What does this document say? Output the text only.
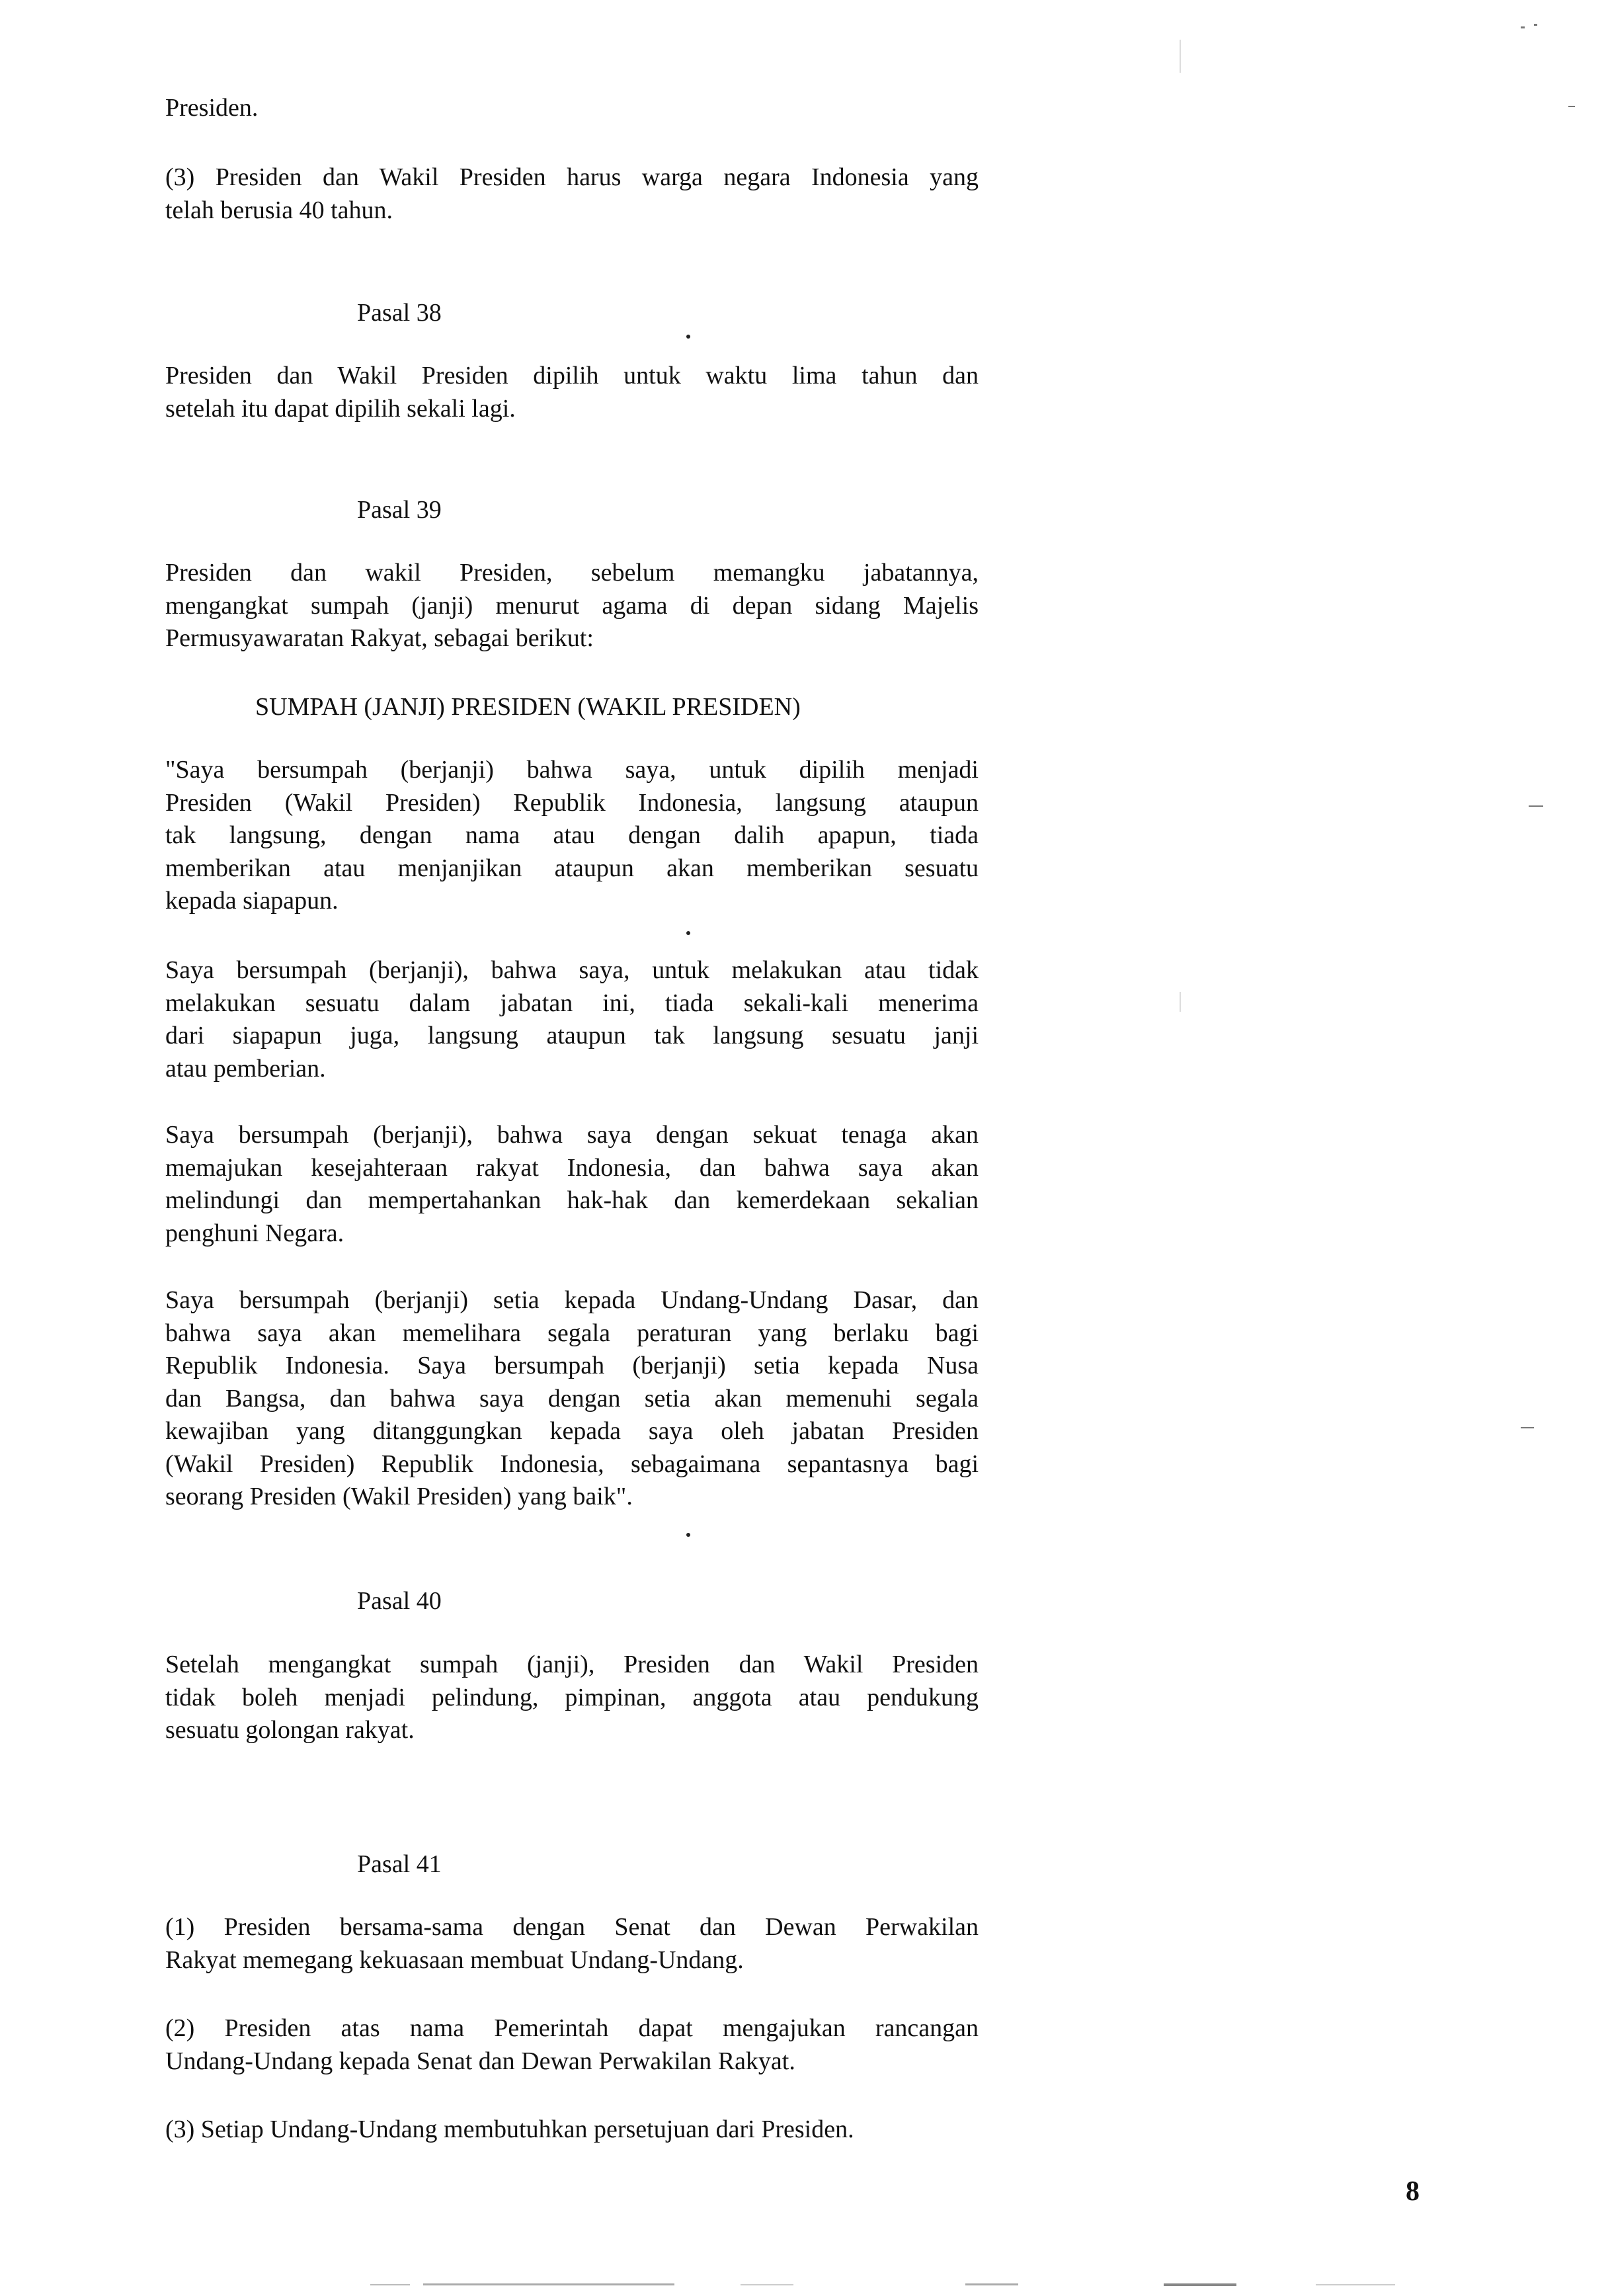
Presiden.

(3) Presiden dan Wakil Presiden harus warga negara Indonesia yang
telah berusia 40 tahun.

Pasal 38

Presiden dan Wakil Presiden dipilih untuk waktu lima tahun dan
setelah itu dapat dipilih sekali lagi.

Pasal 39

Presiden dan wakil Presiden, sebelum memangku jabatannya,
mengangkat sumpah (janji) menurut agama di depan sidang Majelis
Permusyawaratan Rakyat, sebagai berikut:

SUMPAH (JANJI) PRESIDEN (WAKIL PRESIDEN)

"Saya bersumpah (berjanji) bahwa saya, untuk dipilih menjadi
Presiden (Wakil Presiden) Republik Indonesia, langsung ataupun
tak langsung, dengan nama atau dengan dalih apapun, tiada
memberikan atau menjanjikan ataupun akan memberikan sesuatu
kepada siapapun.
Saya bersumpah (berjanji), bahwa saya, untuk melakukan atau tidak
melakukan sesuatu dalam jabatan ini, tiada sekali-kali menerima
dari siapapun juga, langsung ataupun tak langsung sesuatu janji
atau pemberian.
Saya bersumpah (berjanji), bahwa saya dengan sekuat tenaga akan
memajukan kesejahteraan rakyat Indonesia, dan bahwa saya akan
melindungi dan mempertahankan hak-hak dan kemerdekaan sekalian
penghuni Negara.
Saya bersumpah (berjanji) setia kepada Undang-Undang Dasar, dan
bahwa saya akan memelihara segala peraturan yang berlaku bagi
Republik Indonesia. Saya bersumpah (berjanji) setia kepada Nusa
dan Bangsa, dan bahwa saya dengan setia akan memenuhi segala
kewajiban yang ditanggungkan kepada saya oleh jabatan Presiden
(Wakil Presiden) Republik Indonesia, sebagaimana sepantasnya bagi
seorang Presiden (Wakil Presiden) yang baik".

Pasal 40

Setelah mengangkat sumpah (janji), Presiden dan Wakil Presiden
tidak boleh menjadi pelindung, pimpinan, anggota atau pendukung
sesuatu golongan rakyat.

Pasal 41

(1) Presiden bersama-sama dengan Senat dan Dewan Perwakilan
Rakyat memegang kekuasaan membuat Undang-Undang.
(2) Presiden atas nama Pemerintah dapat mengajukan rancangan
Undang-Undang kepada Senat dan Dewan Perwakilan Rakyat.
(3) Setiap Undang-Undang membutuhkan persetujuan dari Presiden.

8
